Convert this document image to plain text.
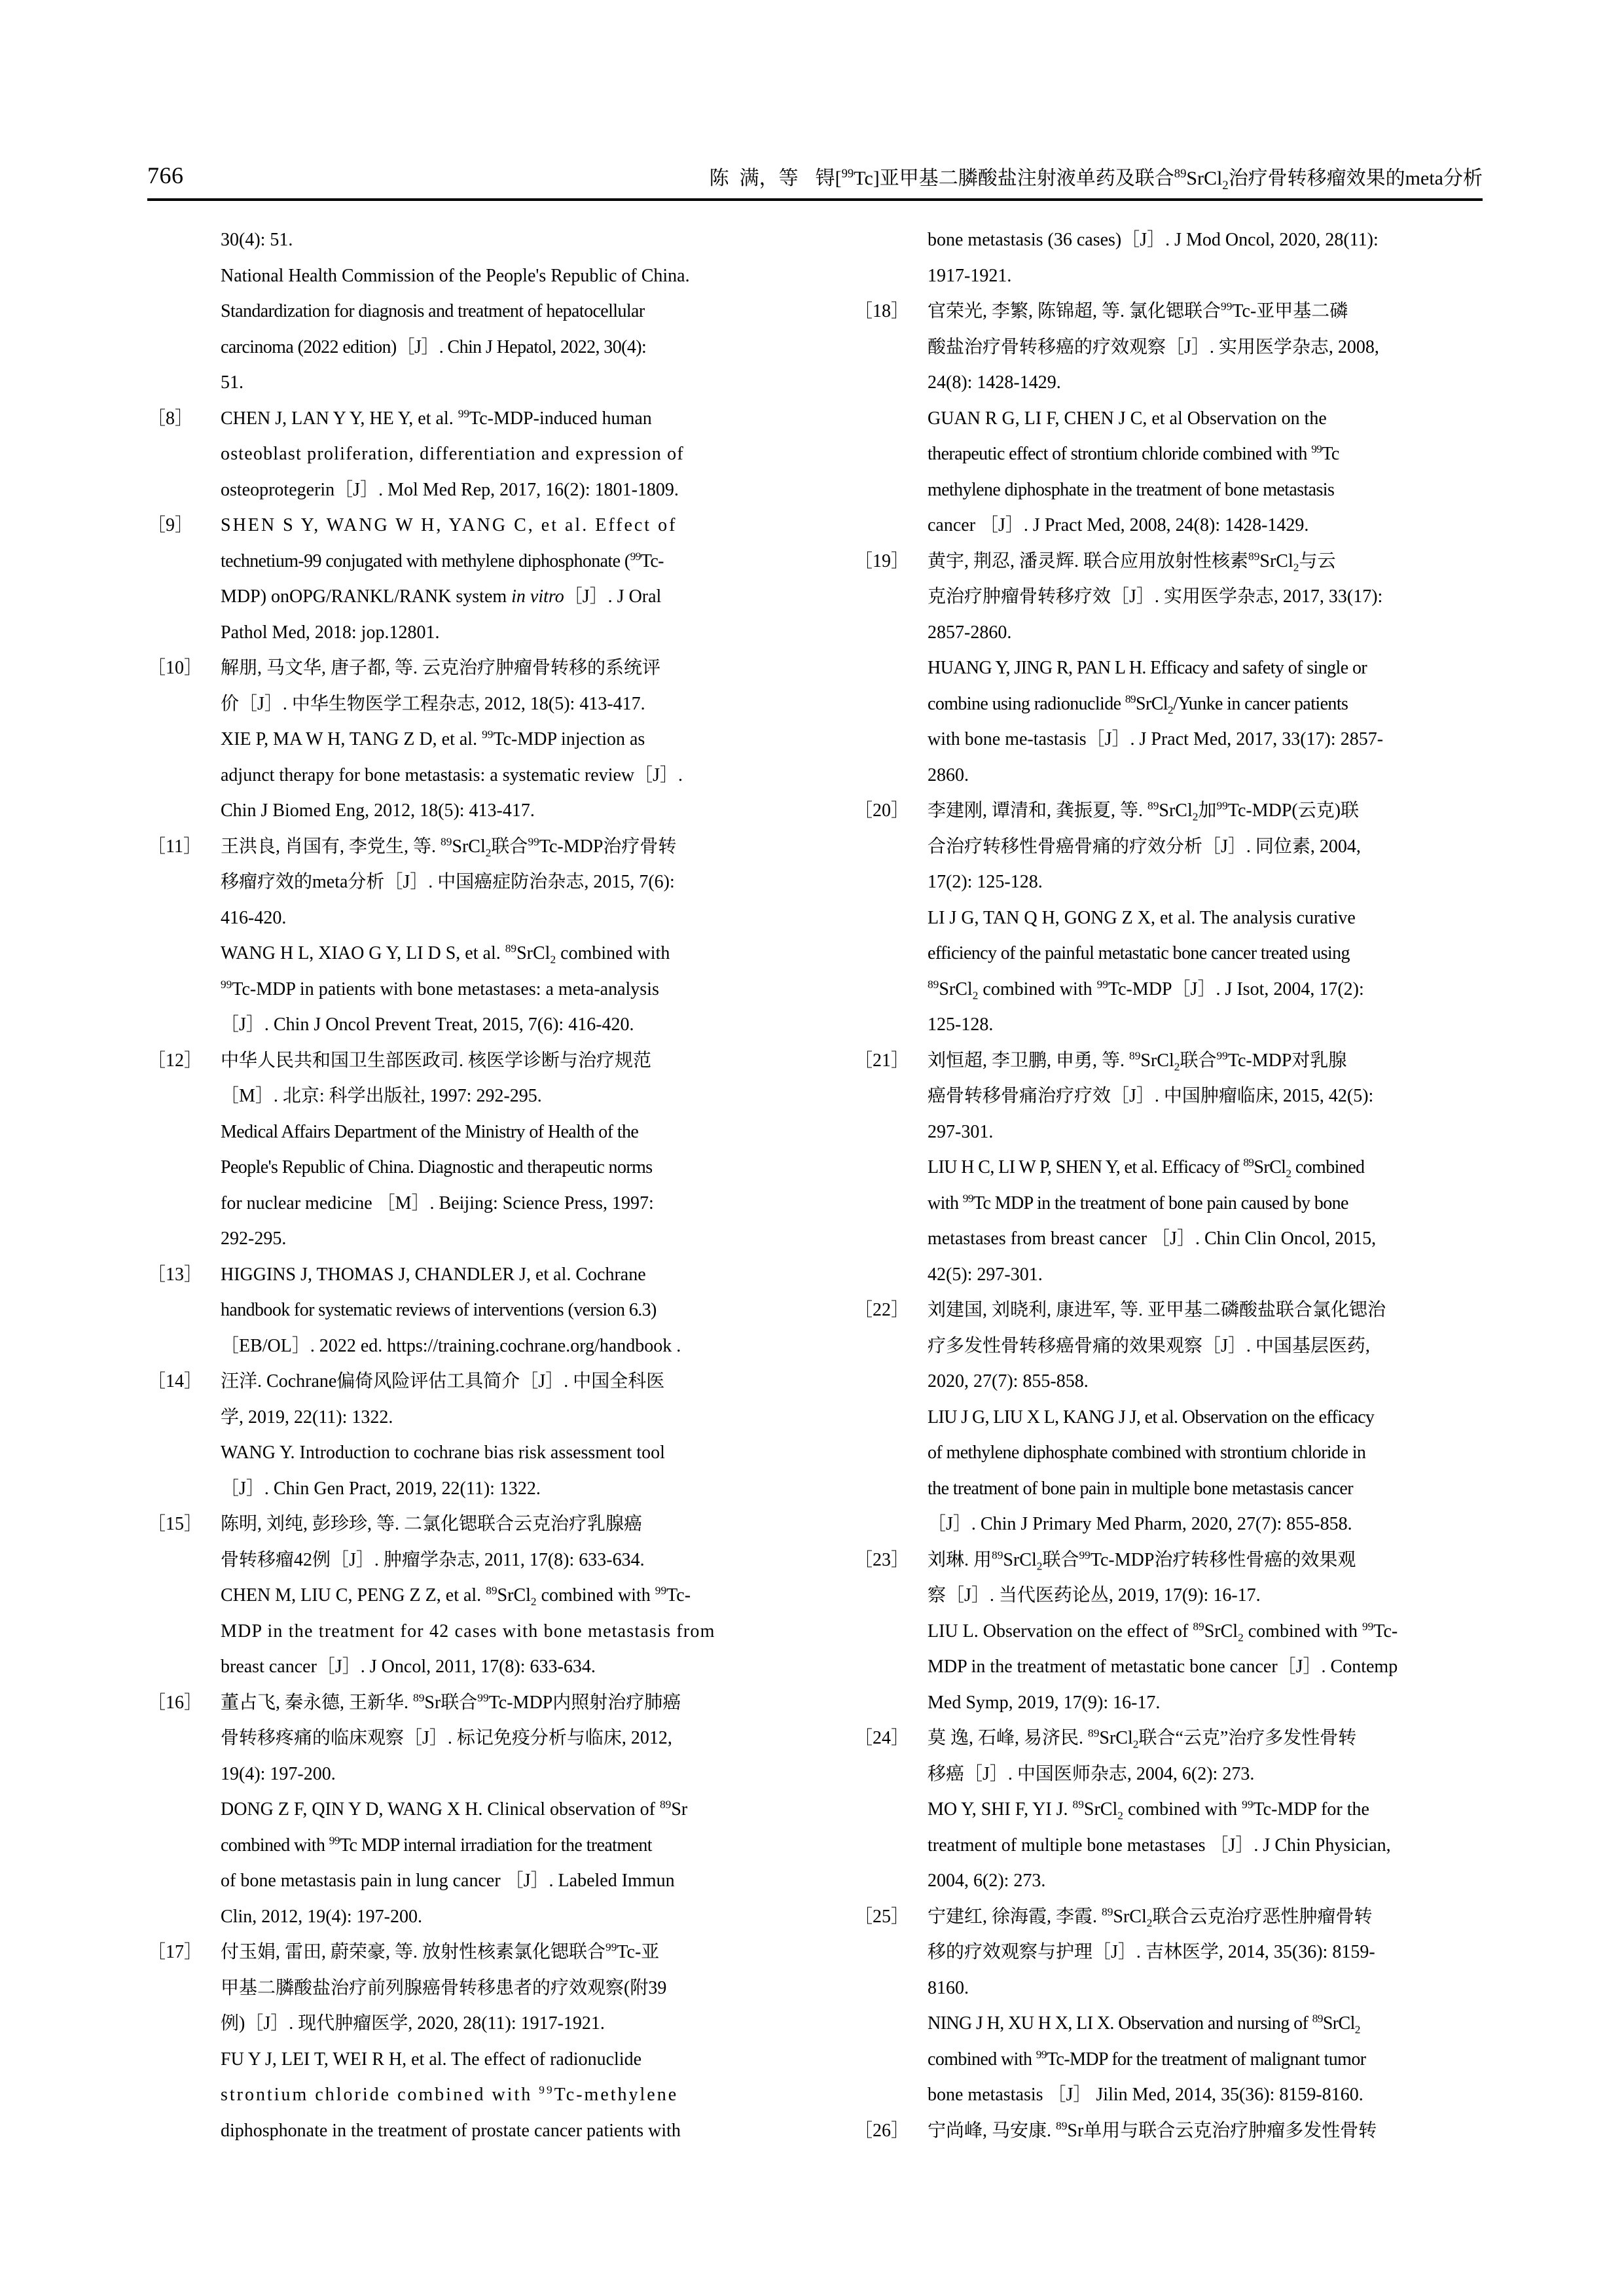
766	陈 满，等 锝[$^{99}$Tc]亚甲基二膦酸盐注射液单药及联合$^{89}$SrCl$_2$治疗骨转移瘤效果的meta分析
30(4): 51.
National Health Commission of the People's Republic of China.
Standardization for diagnosis and treatment of hepatocellular
carcinoma (2022 edition)［J］. Chin J Hepatol, 2022, 30(4):
51.
［8］	CHEN J, LAN Y Y, HE Y, et al. $^{99}$Tc-MDP-induced human
osteoblast proliferation, differentiation and expression of
osteoprotegerin［J］. Mol Med Rep, 2017, 16(2): 1801-1809.
［9］	SHEN S Y, WANG W H, YANG C, et al. Effect of
technetium-99 conjugated with methylene diphosphonate ($^{99}$Tc-
MDP) onOPG/RANKL/RANK system in vitro［J］. J Oral
Pathol Med, 2018: jop.12801.
［10］ 解朋, 马文华, 唐子都, 等. 云克治疗肿瘤骨转移的系统评
价［J］. 中华生物医学工程杂志, 2012, 18(5): 413-417.
XIE P, MA W H, TANG Z D, et al. $^{99}$Tc-MDP injection as
adjunct therapy for bone metastasis: a systematic review［J］.
Chin J Biomed Eng, 2012, 18(5): 413-417.
［11］	王洪良, 肖国有, 李党生, 等. $^{89}$SrCl$_2$联合$^{99}$Tc-MDP治疗骨转
移瘤疗效的meta分析［J］. 中国癌症防治杂志, 2015, 7(6):
416-420.
WANG H L, XIAO G Y, LI D S, et al. $^{89}$SrCl$_2$ combined with
$^{99}$Tc-MDP in patients with bone metastases: a meta-analysis
［J］. Chin J Oncol Prevent Treat, 2015, 7(6): 416-420.
［12］ 中华人民共和国卫生部医政司. 核医学诊断与治疗规范
［M］. 北京: 科学出版社, 1997: 292-295.
Medical Affairs Department of the Ministry of Health of the
People's Republic of China. Diagnostic and therapeutic norms
for nuclear medicine ［M］. Beijing: Science Press, 1997:
292-295.
［13］ HIGGINS J, THOMAS J, CHANDLER J, et al. Cochrane
handbook for systematic reviews of interventions (version 6.3)
［EB/OL］. 2022 ed. https://training.cochrane.org/handbook .
［14］ 汪洋. Cochrane偏倚风险评估工具简介［J］. 中国全科医
学, 2019, 22(11): 1322.
WANG Y. Introduction to cochrane bias risk assessment tool
［J］. Chin Gen Pract, 2019, 22(11): 1322.
［15］ 陈明, 刘纯, 彭珍珍, 等. 二氯化锶联合云克治疗乳腺癌
骨转移瘤42例［J］. 肿瘤学杂志, 2011, 17(8): 633-634.
CHEN M, LIU C, PENG Z Z, et al. $^{89}$SrCl$_2$ combined with $^{99}$Tc-
MDP in the treatment for 42 cases with bone metastasis from
breast cancer［J］. J Oncol, 2011, 17(8): 633-634.
［16］ 董占飞, 秦永德, 王新华. $^{89}$Sr联合$^{99}$Tc-MDP内照射治疗肺癌
骨转移疼痛的临床观察［J］. 标记免疫分析与临床, 2012,
19(4): 197-200.
DONG Z F, QIN Y D, WANG X H. Clinical observation of $^{89}$Sr
combined with $^{99}$Tc MDP internal irradiation for the treatment
of bone metastasis pain in lung cancer ［J］. Labeled Immun
Clin, 2012, 19(4): 197-200.
［17］ 付玉娟, 雷田, 蔚荣豪, 等. 放射性核素氯化锶联合$^{99}$Tc-亚
甲基二膦酸盐治疗前列腺癌骨转移患者的疗效观察(附39
例)［J］. 现代肿瘤医学, 2020, 28(11): 1917-1921.
FU Y J, LEI T, WEI R H, et al. The effect of radionuclide
strontium chloride combined with $^{99}$Tc-methylene
diphosphonate in the treatment of prostate cancer patients with
bone metastasis (36 cases)［J］. J Mod Oncol, 2020, 28(11):
1917-1921.
［18］ 官荣光, 李繁, 陈锦超, 等. 氯化锶联合$^{99}$Tc-亚甲基二磷
酸盐治疗骨转移癌的疗效观察［J］. 实用医学杂志, 2008,
24(8): 1428-1429.
GUAN R G, LI F, CHEN J C, et al Observation on the
therapeutic effect of strontium chloride combined with $^{99}$Tc
methylene diphosphate in the treatment of bone metastasis
cancer ［J］. J Pract Med, 2008, 24(8): 1428-1429.
［19］ 黄宇, 荆忍, 潘灵辉. 联合应用放射性核素$^{89}$SrCl$_2$与云
克治疗肿瘤骨转移疗效［J］. 实用医学杂志, 2017, 33(17):
2857-2860.
HUANG Y, JING R, PAN L H. Efficacy and safety of single or
combine using radionuclide $^{89}$SrCl$_2$/Yunke in cancer patients
with bone me-tastasis［J］. J Pract Med, 2017, 33(17): 2857-
2860.
［20］ 李建刚, 谭清和, 龚振夏, 等. $^{89}$SrCl$_2$加$^{99}$Tc-MDP(云克)联
合治疗转移性骨癌骨痛的疗效分析［J］. 同位素, 2004,
17(2): 125-128.
LI J G, TAN Q H, GONG Z X, et al. The analysis curative
efficiency of the painful metastatic bone cancer treated using
$^{89}$SrCl$_2$ combined with $^{99}$Tc-MDP［J］. J Isot, 2004, 17(2):
125-128.
［21］ 刘恒超, 李卫鹏, 申勇, 等. $^{89}$SrCl$_2$联合$^{99}$Tc-MDP对乳腺
癌骨转移骨痛治疗疗效［J］. 中国肿瘤临床, 2015, 42(5):
297-301.
LIU H C, LI W P, SHEN Y, et al. Efficacy of $^{89}$SrCl$_2$ combined
with $^{99}$Tc MDP in the treatment of bone pain caused by bone
metastases from breast cancer ［J］. Chin Clin Oncol, 2015,
42(5): 297-301.
［22］ 刘建国, 刘晓利, 康进军, 等. 亚甲基二磷酸盐联合氯化锶治
疗多发性骨转移癌骨痛的效果观察［J］. 中国基层医药,
2020, 27(7): 855-858.
LIU J G, LIU X L, KANG J J, et al. Observation on the efficacy
of methylene diphosphate combined with strontium chloride in
the treatment of bone pain in multiple bone metastasis cancer
［J］. Chin J Primary Med Pharm, 2020, 27(7): 855-858.
［23］ 刘琳. 用$^{89}$SrCl$_2$联合$^{99}$Tc-MDP治疗转移性骨癌的效果观
察［J］. 当代医药论丛, 2019, 17(9): 16-17.
LIU L. Observation on the effect of $^{89}$SrCl$_2$ combined with $^{99}$Tc-
MDP in the treatment of metastatic bone cancer［J］. Contemp
Med Symp, 2019, 17(9): 16-17.
［24］ 莫 逸, 石峰, 易济民. $^{89}$SrCl$_2$联合“云克”治疗多发性骨转
移癌［J］. 中国医师杂志, 2004, 6(2): 273.
MO Y, SHI F, YI J. $^{89}$SrCl$_2$ combined with $^{99}$Tc-MDP for the
treatment of multiple bone metastases ［J］. J Chin Physician,
2004, 6(2): 273.
［25］ 宁建红, 徐海霞, 李霞. $^{89}$SrCl$_2$联合云克治疗恶性肿瘤骨转
移的疗效观察与护理［J］. 吉林医学, 2014, 35(36): 8159-
8160.
NING J H, XU H X, LI X. Observation and nursing of $^{89}$SrCl$_2$
combined with $^{99}$Tc-MDP for the treatment of malignant tumor
bone metastasis ［J］ Jilin Med, 2014, 35(36): 8159-8160.
［26］ 宁尚峰, 马安康. $^{89}$Sr单用与联合云克治疗肿瘤多发性骨转
